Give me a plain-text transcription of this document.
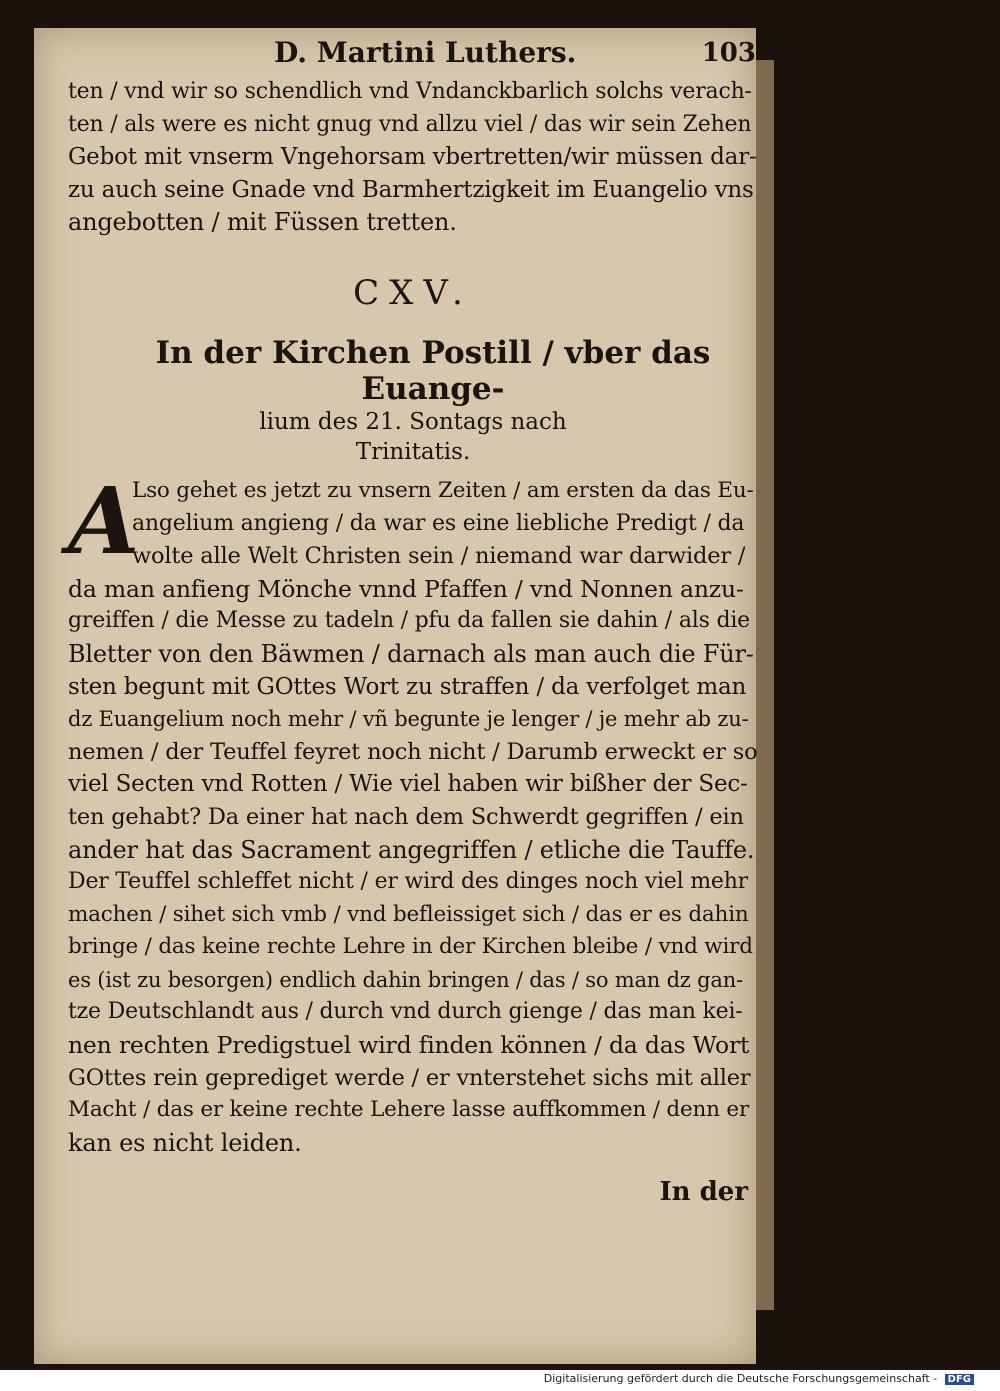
D. Martini Luthers.	103
ten / vnd wir so schendlich vnd Vndanckbarlich solchs verach-
ten / als were es nicht gnug vnd allzu viel / das wir sein Zehen
Gebot mit vnserm Vngehorsam vbertretten/wir müssen dar-
zu auch seine Gnade vnd Barmhertzigkeit im Euangelio vns
angebotten / mit Füssen tretten.
CXV.
In der Kirchen Postill / vber das Euange-
lium des 21. Sontags nach
Trinitatis.
A
Lso gehet es jetzt zu vnsern Zeiten / am ersten da das Eu-
angelium angieng / da war es eine liebliche Predigt / da
wolte alle Welt Christen sein / niemand war darwider /
da man anfieng Mönche vnnd Pfaffen / vnd Nonnen anzu-
greiffen / die Messe zu tadeln / pfu da fallen sie dahin / als die
Bletter von den Bäwmen / darnach als man auch die Für-
sten begunt mit GOttes Wort zu straffen / da verfolget man
dz Euangelium noch mehr / vñ begunte je lenger / je mehr ab zu-
nemen / der Teuffel feyret noch nicht / Darumb erweckt er so
viel Secten vnd Rotten / Wie viel haben wir bißher der Sec-
ten gehabt? Da einer hat nach dem Schwerdt gegriffen / ein
ander hat das Sacrament angegriffen / etliche die Tauffe.
Der Teuffel schleffet nicht / er wird des dinges noch viel mehr
machen / sihet sich vmb / vnd befleissiget sich / das er es dahin
bringe / das keine rechte Lehre in der Kirchen bleibe / vnd wird
es (ist zu besorgen) endlich dahin bringen / das / so man dz gan-
tze Deutschlandt aus / durch vnd durch gienge / das man kei-
nen rechten Predigstuel wird finden können / da das Wort
GOttes rein geprediget werde / er vnterstehet sichs mit aller
Macht / das er keine rechte Lehere lasse auffkommen / denn er
kan es nicht leiden.
In der
Digitalisierung gefördert durch die Deutsche Forschungsgemeinschaft - DFG
